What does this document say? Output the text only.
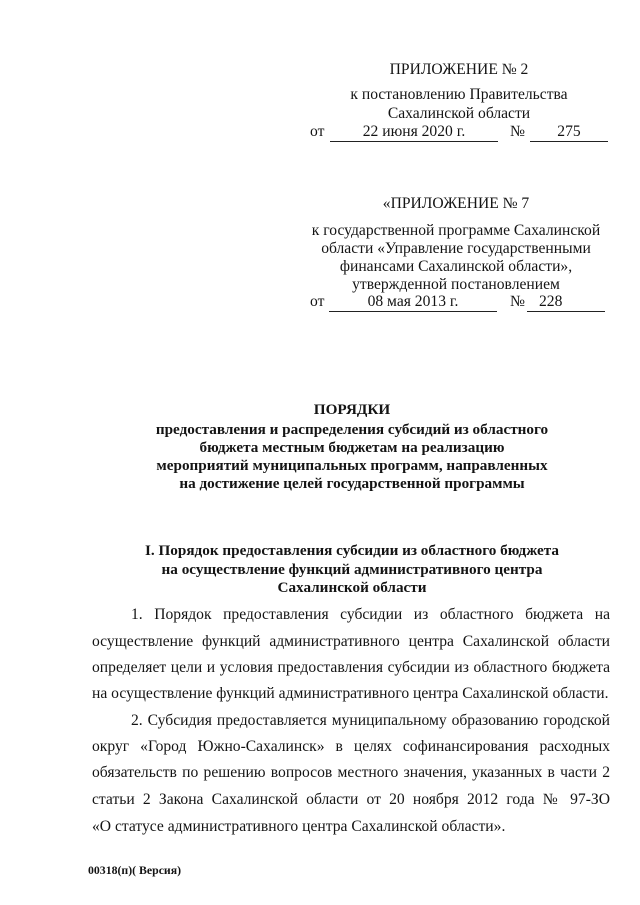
ПРИЛОЖЕНИЕ № 2
к постановлению Правительства
Сахалинской области
от	22 июня 2020 г.	№	275
«ПРИЛОЖЕНИЕ № 7
к государственной программе Сахалинской
области «Управление государственными
финансами Сахалинской области»,
утвержденной постановлением
от	08 мая 2013 г.	№ 228
ПОРЯДКИ
предоставления и распределения субсидий из областного
бюджета местным бюджетам на реализацию
мероприятий муниципальных программ, направленных
на достижение целей государственной программы
I. Порядок предоставления субсидии из областного бюджета
на осуществление функций административного центра
Сахалинской области
1. Порядок предоставления субсидии из областного бюджета на
осуществление функций административного центра Сахалинской области
определяет цели и условия предоставления субсидии из областного бюджета
на осуществление функций административного центра Сахалинской области.
2. Субсидия предоставляется муниципальному образованию городской
округ «Город Южно-Сахалинск» в целях софинансирования расходных
обязательств по решению вопросов местного значения, указанных в части 2
статьи 2 Закона Сахалинской области от 20 ноября 2012 года № 97-ЗО
«О статусе административного центра Сахалинской области».
00318(п)( Версия)
